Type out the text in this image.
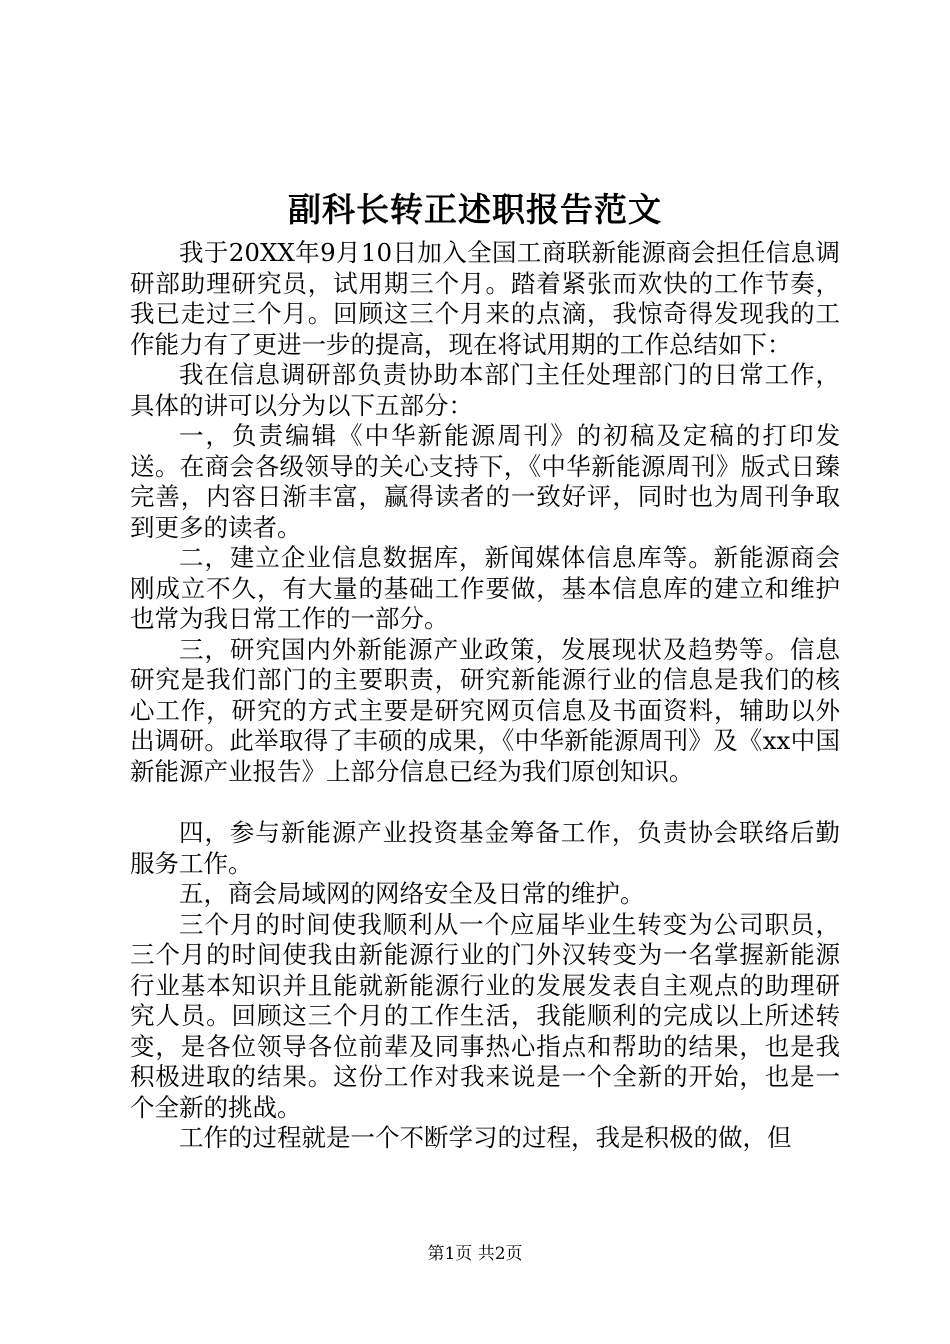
副科长转正述职报告范文

我于20XX年9月10日加入全国工商联新能源商会担任信息调研部助理研究员，试用期三个月。踏着紧张而欢快的工作节奏，我已走过三个月。回顾这三个月来的点滴，我惊奇得发现我的工作能力有了更进一步的提高，现在将试用期的工作总结如下：

我在信息调研部负责协助本部门主任处理部门的日常工作，具体的讲可以分为以下五部分：

一，负责编辑《中华新能源周刊》的初稿及定稿的打印发送。在商会各级领导的关心支持下，《中华新能源周刊》版式日臻完善，内容日渐丰富，赢得读者的一致好评，同时也为周刊争取到更多的读者。

二，建立企业信息数据库，新闻媒体信息库等。新能源商会刚成立不久，有大量的基础工作要做，基本信息库的建立和维护也常为我日常工作的一部分。

三，研究国内外新能源产业政策，发展现状及趋势等。信息研究是我们部门的主要职责，研究新能源行业的信息是我们的核心工作，研究的方式主要是研究网页信息及书面资料，辅助以外出调研。此举取得了丰硕的成果，《中华新能源周刊》及《xx中国新能源产业报告》上部分信息已经为我们原创知识。

四，参与新能源产业投资基金筹备工作，负责协会联络后勤服务工作。

五，商会局域网的网络安全及日常的维护。

三个月的时间使我顺利从一个应届毕业生转变为公司职员，三个月的时间使我由新能源行业的门外汉转变为一名掌握新能源行业基本知识并且能就新能源行业的发展发表自主观点的助理研究人员。回顾这三个月的工作生活，我能顺利的完成以上所述转变，是各位领导各位前辈及同事热心指点和帮助的结果，也是我积极进取的结果。这份工作对我来说是一个全新的开始，也是一个全新的挑战。

工作的过程就是一个不断学习的过程，我是积极的做，但

第1页 共2页
